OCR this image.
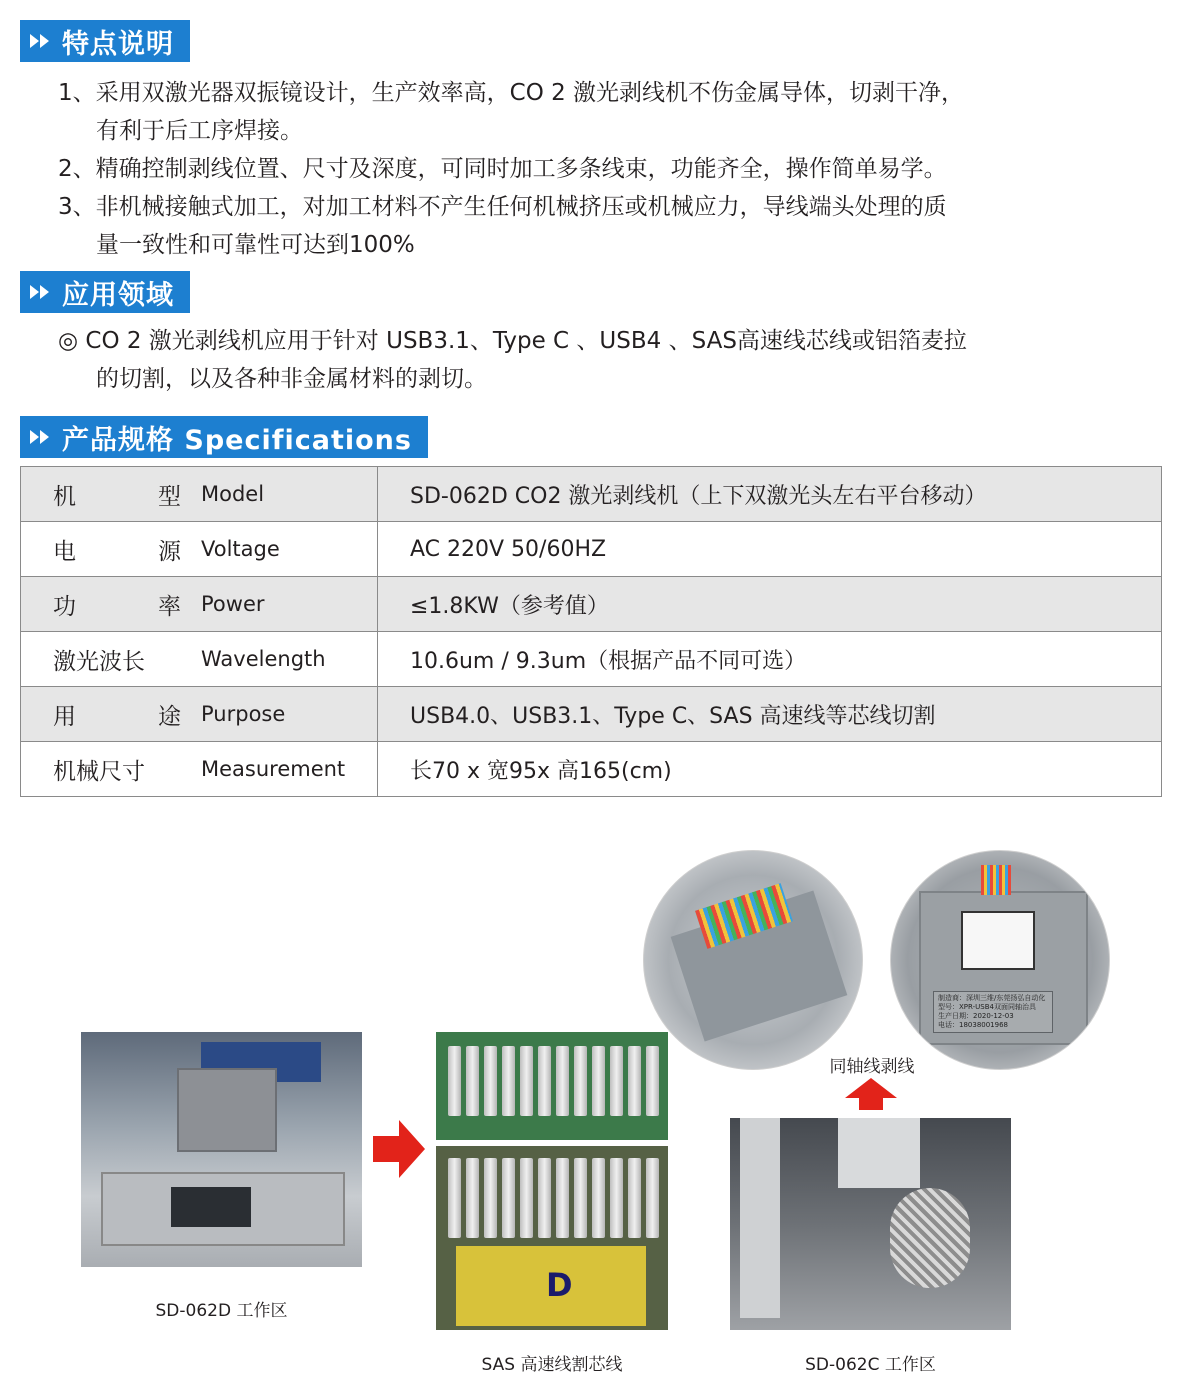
特点说明
1、采用双激光器双振镜设计，生产效率高，CO 2 激光剥线机不伤金属导体，切剥干净，
有利于后工序焊接。
2、精确控制剥线位置、尺寸及深度，可同时加工多条线束，功能齐全，操作简单易学。
3、非机械接触式加工，对加工材料不产生任何机械挤压或机械应力，导线端头处理的质
量一致性和可靠性可达到100%
应用领域
◎ CO 2 激光剥线机应用于针对 USB3.1、Type C 、USB4 、SAS高速线芯线或铝箔麦拉
的切割，以及各种非金属材料的剥切。
产品规格 Specifications
机 型 Model	SD-062D CO2 激光剥线机（上下双激光头左右平台移动）

电 源 Voltage	AC 220V 50/60HZ

功 率 Power	≤1.8KW（参考值）

激光波长 Wavelength	10.6um / 9.3um（根据产品不同可选）

用 途 Purpose	USB4.0、USB3.1、Type C、SAS 高速线等芯线切割

机械尺寸 Measurement	长70 x 宽95x 高165(cm)
SD-062D 工作区
D
SAS 高速线割芯线
制造商：深圳三维/东莞扬弘自动化
型号：XPR-USB4双面同轴治具
生产日期：2020-12-03
电话：18038001968
同轴线剥线
SD-062C 工作区
